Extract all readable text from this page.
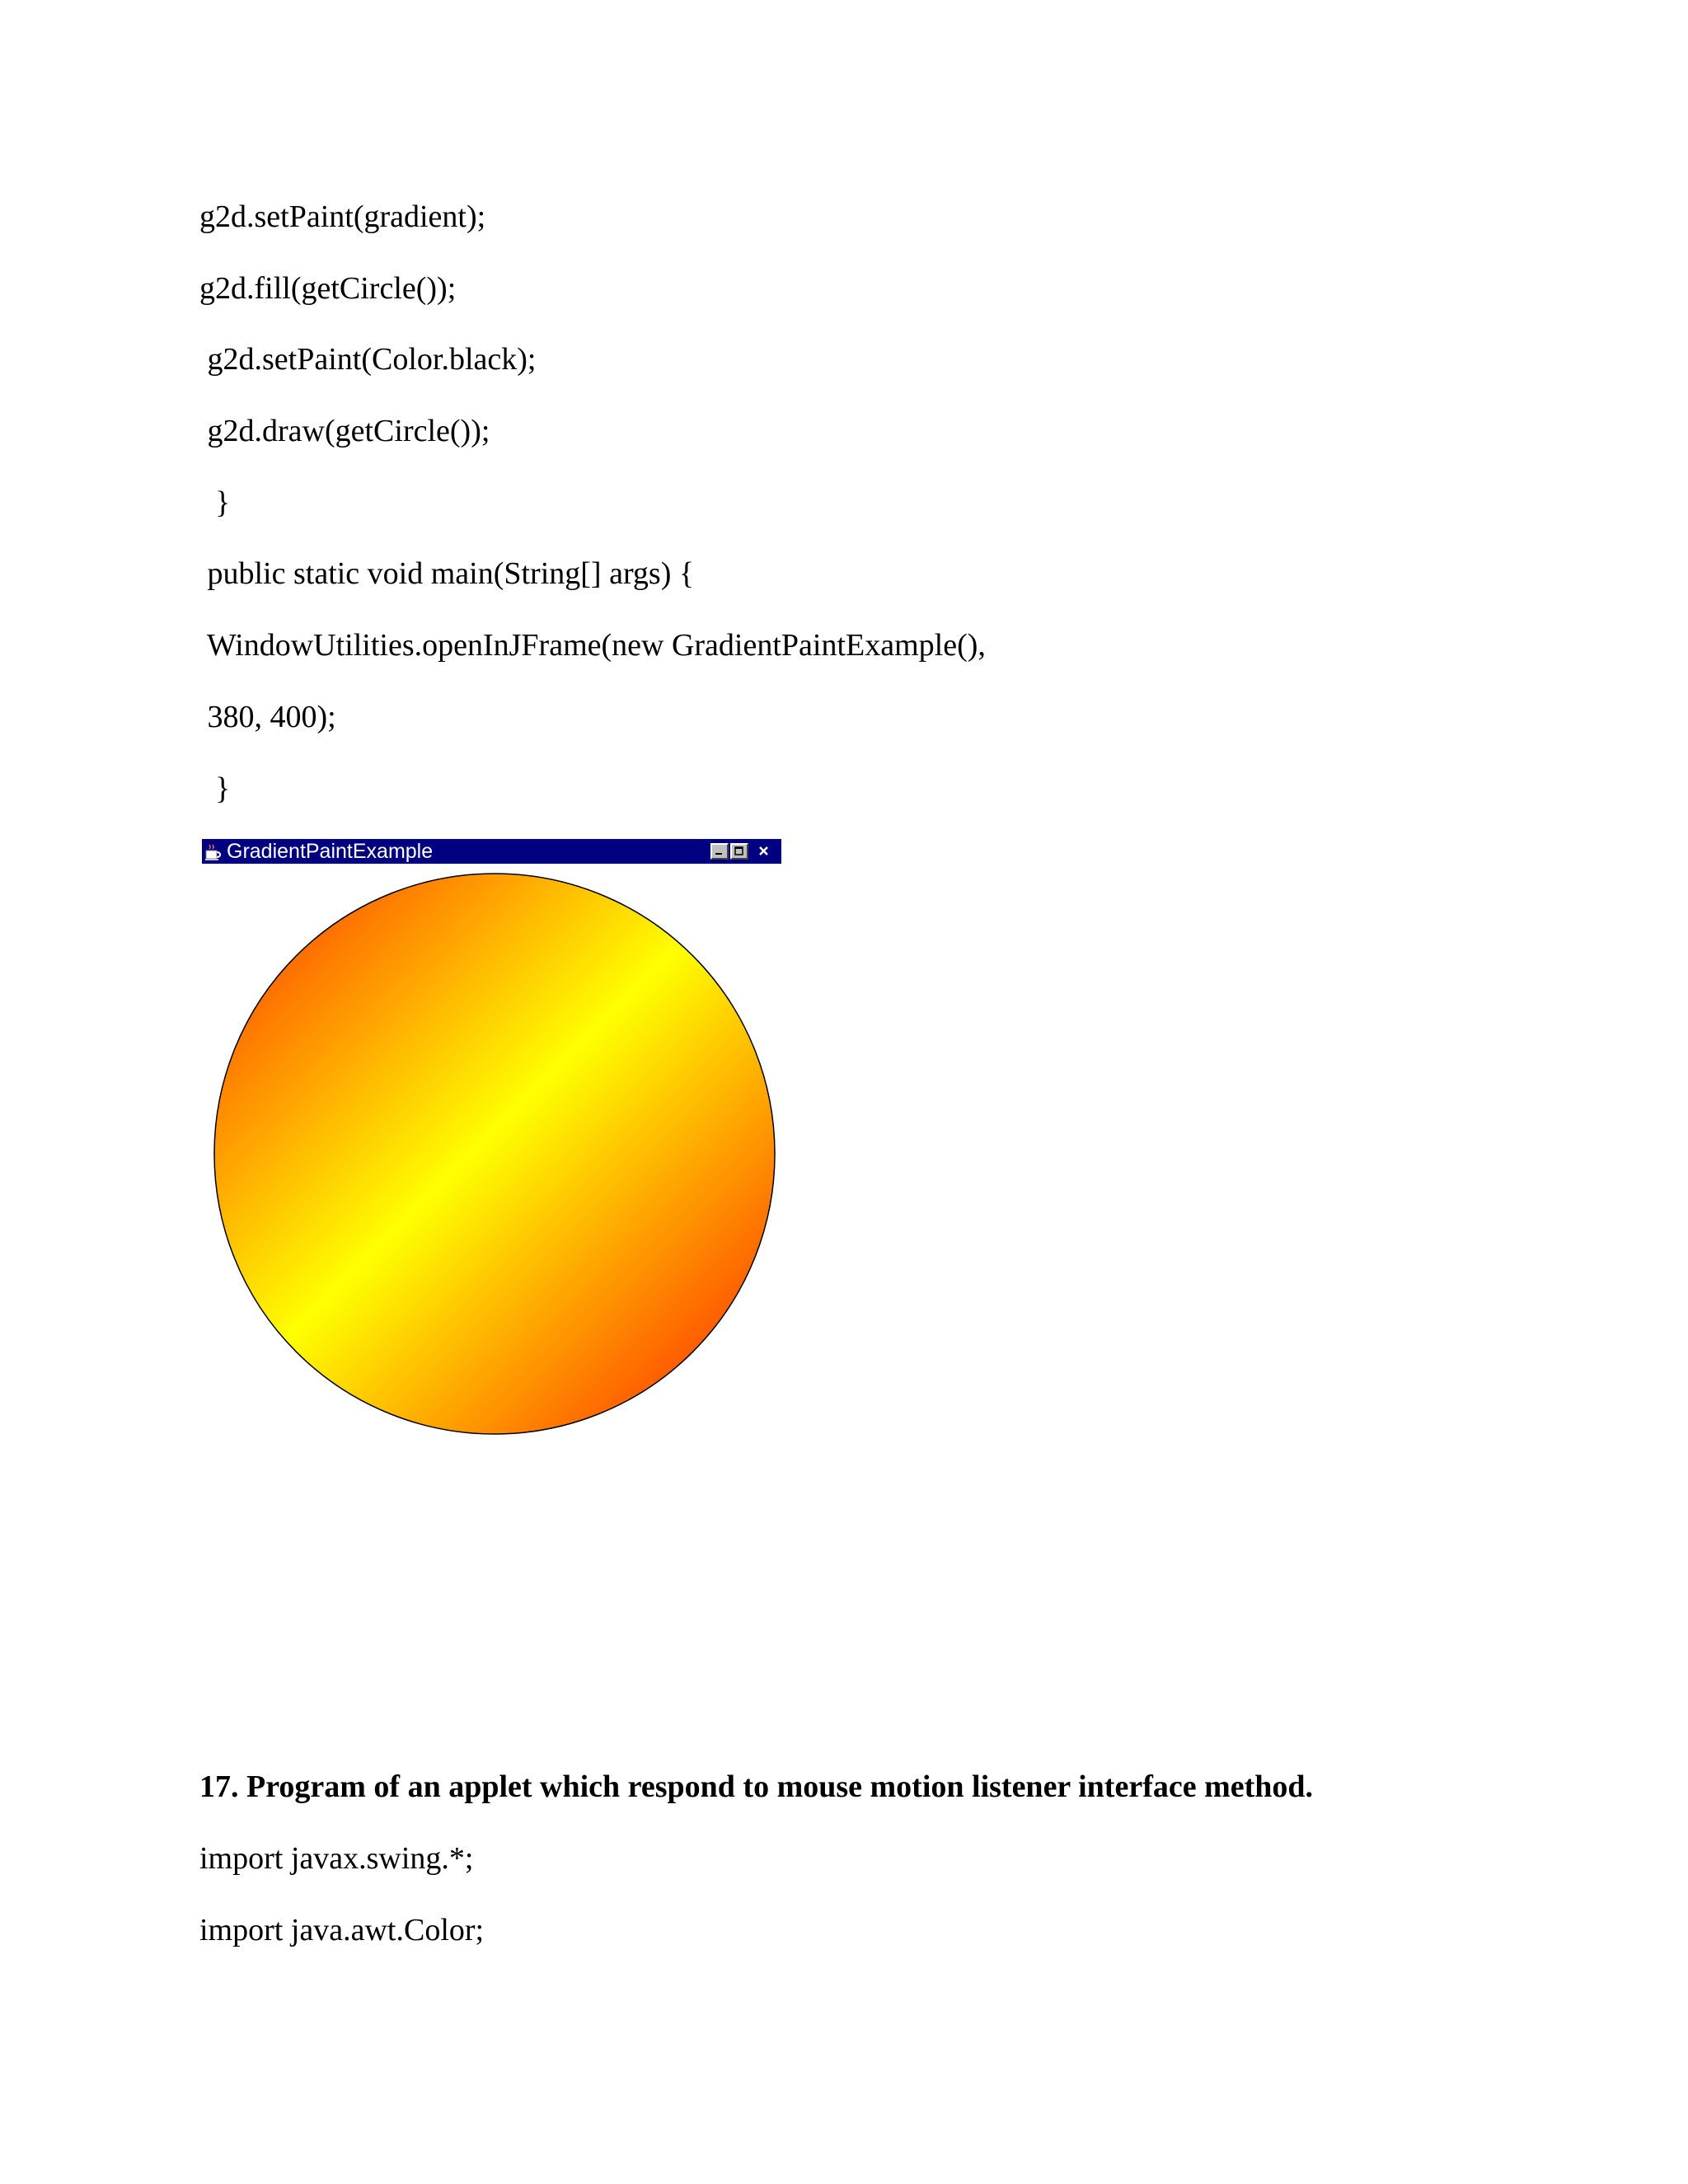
g2d.setPaint(gradient);
g2d.fill(getCircle());
g2d.setPaint(Color.black);
g2d.draw(getCircle());
}
public static void main(String[] args) {
WindowUtilities.openInJFrame(new GradientPaintExample(),
380, 400);
}
GradientPaintExample
17. Program of an applet which respond to mouse motion listener interface method.
import javax.swing.*;
import java.awt.Color;
